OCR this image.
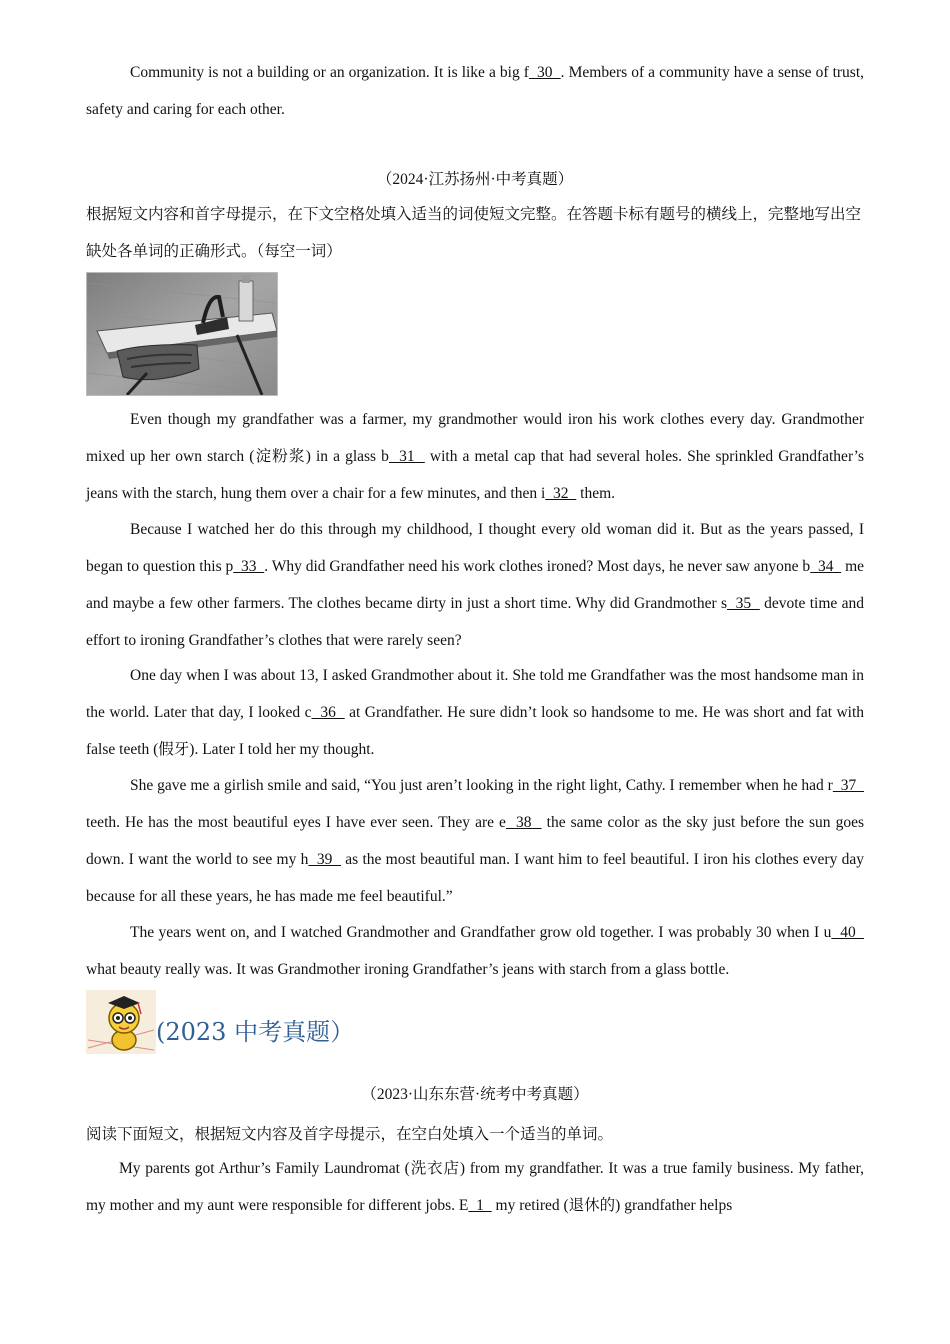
Community is not a building or an organization. It is like a big f  30  . Members of a community have a sense of trust, safety and caring for each other.

（2024·江苏扬州·中考真题）

根据短文内容和首字母提示，在下文空格处填入适当的词使短文完整。在答题卡标有题号的横线上，完整地写出空缺处各单词的正确形式。（每空一词）

Even though my grandfather was a farmer, my grandmother would iron his work clothes every day. Grandmother mixed up her own starch (淀粉浆) in a glass b  31   with a metal cap that had several holes. She sprinkled Grandfather’s jeans with the starch, hung them over a chair for a few minutes, and then i  32   them.

Because I watched her do this through my childhood, I thought every old woman did it. But as the years passed, I began to question this p  33  . Why did Grandfather need his work clothes ironed? Most days, he never saw anyone b  34   me and maybe a few other farmers. The clothes became dirty in just a short time. Why did Grandmother s  35   devote time and effort to ironing Grandfather’s clothes that were rarely seen?

One day when I was about 13, I asked Grandmother about it. She told me Grandfather was the most handsome man in the world. Later that day, I looked c  36   at Grandfather. He sure didn’t look so handsome to me. He was short and fat with false teeth (假牙). Later I told her my thought.

She gave me a girlish smile and said, “You just aren’t looking in the right light, Cathy. I remember when he had r  37   teeth. He has the most beautiful eyes I have ever seen. They are e  38   the same color as the sky just before the sun goes down. I want the world to see my h  39   as the most beautiful man. I want him to feel beautiful. I iron his clothes every day because for all these years, he has made me feel beautiful.”

The years went on, and I watched Grandmother and Grandfather grow old together. I was probably 30 when I u  40   what beauty really was. It was Grandmother ironing Grandfather’s jeans with starch from a glass bottle.

(2023 中考真题）

（2023·山东东营·统考中考真题）

阅读下面短文，根据短文内容及首字母提示，在空白处填入一个适当的单词。

My parents got Arthur’s Family Laundromat (洗衣店) from my grandfather. It was a true family business. My father, my mother and my aunt were responsible for different jobs. E  1   my retired (退休的) grandfather helps
